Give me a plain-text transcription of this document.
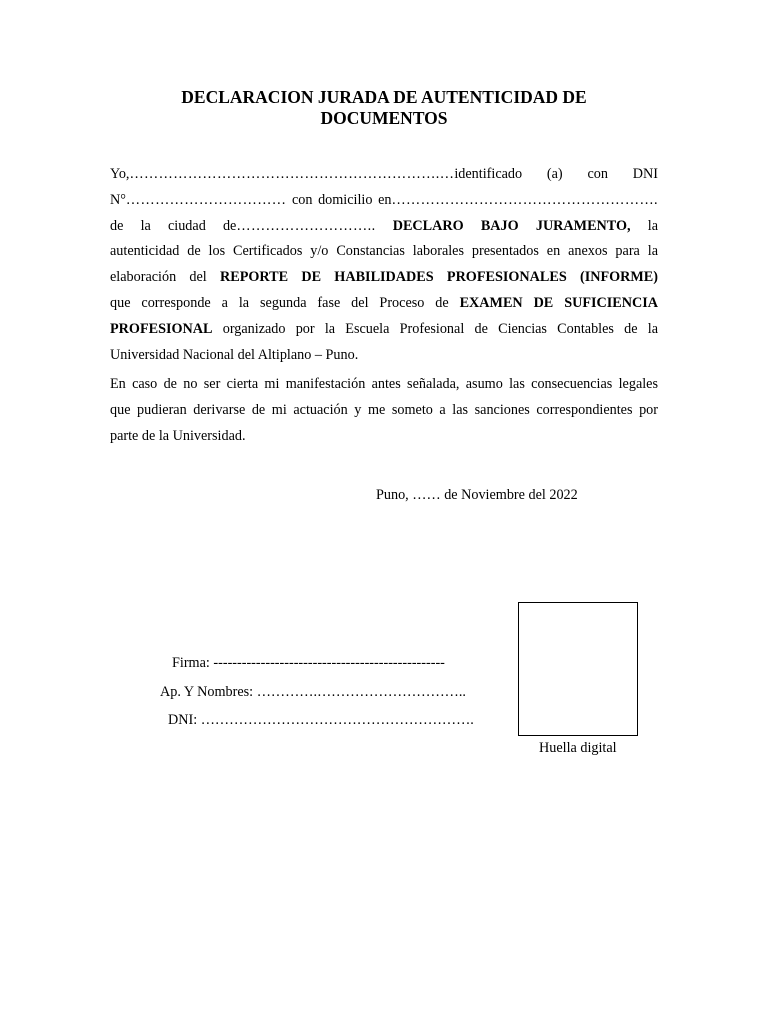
DECLARACION JURADA DE AUTENTICIDAD DE
DOCUMENTOS
Yo,……………………………………………………….…identificado (a) con DNI
N°…………………………… con domicilio en……………………………………………….
de la ciudad de……………………….. DECLARO BAJO JURAMENTO, la
autenticidad de los Certificados y/o Constancias laborales presentados en anexos para la
elaboración del REPORTE DE HABILIDADES PROFESIONALES (INFORME)
que corresponde a la segunda fase del Proceso de EXAMEN DE SUFICIENCIA
PROFESIONAL organizado por la Escuela Profesional de Ciencias Contables de la
Universidad Nacional del Altiplano – Puno.
En caso de no ser cierta mi manifestación antes señalada, asumo las consecuencias legales
que pudieran derivarse de mi actuación y me someto a las sanciones correspondientes por
parte de la Universidad.
Puno, …… de Noviembre del 2022
Firma: -------------------------------------------------
Ap. Y Nombres: ………….…………………………..
DNI: ………………………………………………….
Huella digital
